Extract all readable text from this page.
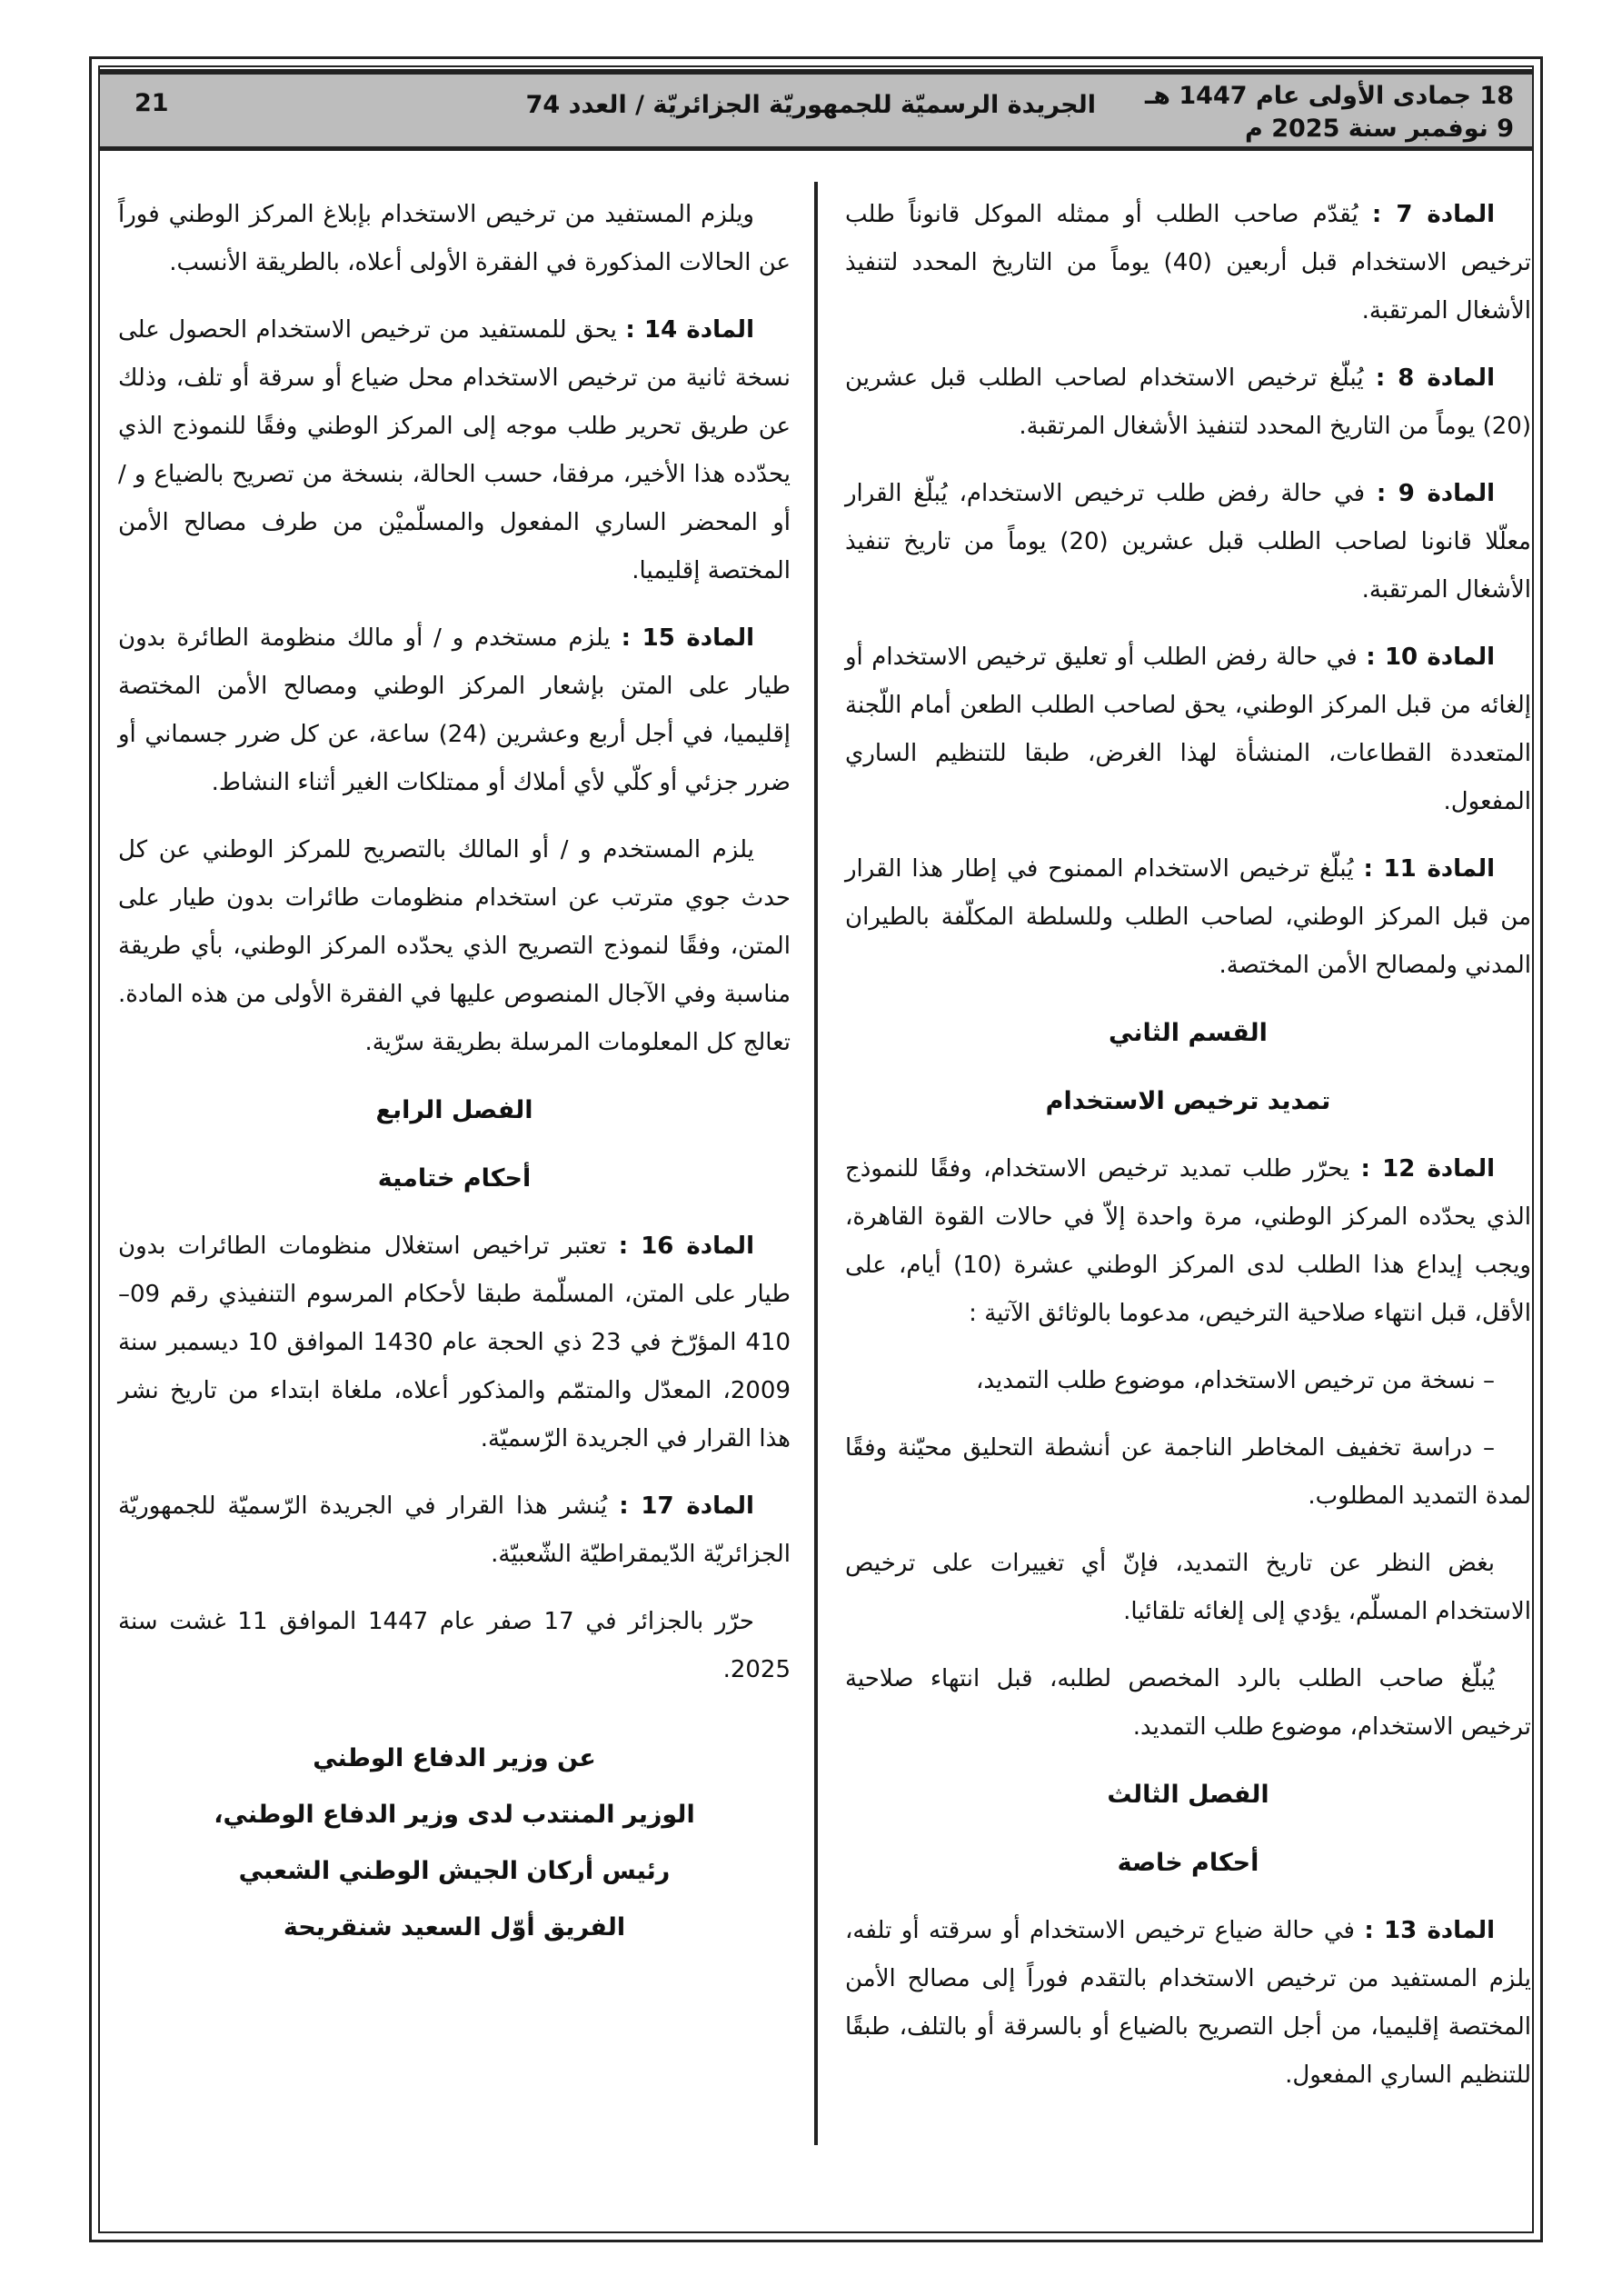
18 جمادى الأولى عام 1447 هـ
9 نوفمبر سنة 2025 م
الجريدة الرسميّة للجمهوريّة الجزائريّة / العدد 74
21

المادة 7 : يُقدّم صاحب الطلب أو ممثله الموكل قانوناً طلب ترخيص الاستخدام قبل أربعين (40) يوماً من التاريخ المحدد لتنفيذ الأشغال المرتقبة.

المادة 8 : يُبلّغ ترخيص الاستخدام لصاحب الطلب قبل عشرين (20) يوماً من التاريخ المحدد لتنفيذ الأشغال المرتقبة.

المادة 9 : في حالة رفض طلب ترخيص الاستخدام، يُبلّغ القرار معلّلا قانونا لصاحب الطلب قبل عشرين (20) يوماً من تاريخ تنفيذ الأشغال المرتقبة.

المادة 10 : في حالة رفض الطلب أو تعليق ترخيص الاستخدام أو إلغائه من قبل المركز الوطني، يحق لصاحب الطلب الطعن أمام اللّجنة المتعددة القطاعات، المنشأة لهذا الغرض، طبقا للتنظيم الساري المفعول.

المادة 11 : يُبلّغ ترخيص الاستخدام الممنوح في إطار هذا القرار من قبل المركز الوطني، لصاحب الطلب وللسلطة المكلّفة بالطيران المدني ولمصالح الأمن المختصة.

القسم الثاني

تمديد ترخيص الاستخدام

المادة 12 : يحرّر طلب تمديد ترخيص الاستخدام، وفقًا للنموذج الذي يحدّده المركز الوطني، مرة واحدة إلاّ في حالات القوة القاهرة، ويجب إيداع هذا الطلب لدى المركز الوطني عشرة (10) أيام، على الأقل، قبل انتهاء صلاحية الترخيص، مدعوما بالوثائق الآتية :

– نسخة من ترخيص الاستخدام، موضوع طلب التمديد،

– دراسة تخفيف المخاطر الناجمة عن أنشطة التحليق محيّنة وفقًا لمدة التمديد المطلوب.

بغض النظر عن تاريخ التمديد، فإنّ أي تغييرات على ترخيص الاستخدام المسلّم، يؤدي إلى إلغائه تلقائيا.

يُبلّغ صاحب الطلب بالرد المخصص لطلبه، قبل انتهاء صلاحية ترخيص الاستخدام، موضوع طلب التمديد.

الفصل الثالث

أحكام خاصة

المادة 13 : في حالة ضياع ترخيص الاستخدام أو سرقته أو تلفه، يلزم المستفيد من ترخيص الاستخدام بالتقدم فوراً إلى مصالح الأمن المختصة إقليميا، من أجل التصريح بالضياع أو بالسرقة أو بالتلف، طبقًا للتنظيم الساري المفعول.

ويلزم المستفيد من ترخيص الاستخدام بإبلاغ المركز الوطني فوراً عن الحالات المذكورة في الفقرة الأولى أعلاه، بالطريقة الأنسب.

المادة 14 : يحق للمستفيد من ترخيص الاستخدام الحصول على نسخة ثانية من ترخيص الاستخدام محل ضياع أو سرقة أو تلف، وذلك عن طريق تحرير طلب موجه إلى المركز الوطني وفقًا للنموذج الذي يحدّده هذا الأخير، مرفقا، حسب الحالة، بنسخة من تصريح بالضياع و / أو المحضر الساري المفعول والمسلّميْن من طرف مصالح الأمن المختصة إقليميا.

المادة 15 : يلزم مستخدم و / أو مالك منظومة الطائرة بدون طيار على المتن بإشعار المركز الوطني ومصالح الأمن المختصة إقليميا، في أجل أربع وعشرين (24) ساعة، عن كل ضرر جسماني أو ضرر جزئي أو كلّي لأي أملاك أو ممتلكات الغير أثناء النشاط.

يلزم المستخدم و / أو المالك بالتصريح للمركز الوطني عن كل حدث جوي مترتب عن استخدام منظومات طائرات بدون طيار على المتن، وفقًا لنموذج التصريح الذي يحدّده المركز الوطني، بأي طريقة مناسبة وفي الآجال المنصوص عليها في الفقرة الأولى من هذه المادة. تعالج كل المعلومات المرسلة بطريقة سرّية.

الفصل الرابع

أحكام ختامية

المادة 16 : تعتبر تراخيص استغلال منظومات الطائرات بدون طيار على المتن، المسلّمة طبقا لأحكام المرسوم التنفيذي رقم 09–410 المؤرّخ في 23 ذي الحجة عام 1430 الموافق 10 ديسمبر سنة 2009، المعدّل والمتمّم والمذكور أعلاه، ملغاة ابتداء من تاريخ نشر هذا القرار في الجريدة الرّسميّة.

المادة 17 : يُنشر هذا القرار في الجريدة الرّسميّة للجمهوريّة الجزائريّة الدّيمقراطيّة الشّعبيّة.

حرّر بالجزائر في 17 صفر عام 1447 الموافق 11 غشت سنة 2025.

عن وزير الدفاع الوطني

الوزير المنتدب لدى وزير الدفاع الوطني،

رئيس أركان الجيش الوطني الشعبي

الفريق أوّل السعيد شنقريحة
